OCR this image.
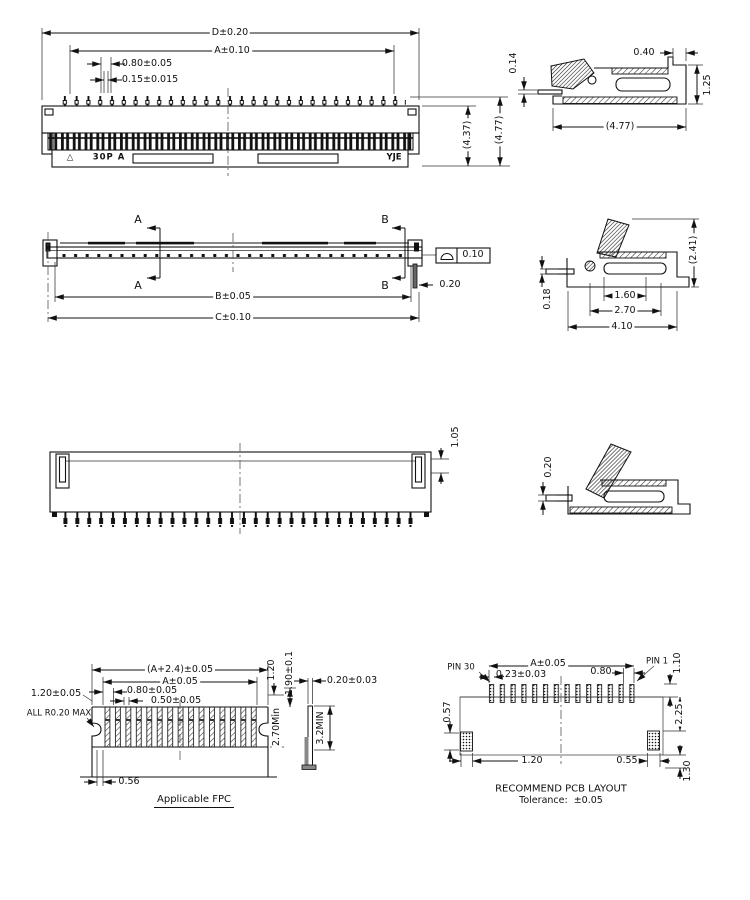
D±0.20
A±0.10
0.80±0.05
0.15±0.015
(4.37) (4.77)
△ 30P A	YJE
0.40
0.14
1.25
(4.77)
A
A
B
B
0.10
0.20
B±0.05
C±0.10
(2.41)
0.18	1.60
2.70
4.10
1.05
0.20
(A+2.4)±0.05
A±0.05
0.80±0.05
0.50±0.05
1.20±0.05
ALL R0.20 MAX
1.20 1.90±0.1
2.70Min	3.2MIN
0.20±0.03
0.56
Applicable FPC
PIN 30
PIN 1
A±0.05
0.23±0.03	0.80	1.10
2.25
0.57
1.20	0.55
1.30
RECOMMEND PCB LAYOUT
Tolerance:  ±0.05
